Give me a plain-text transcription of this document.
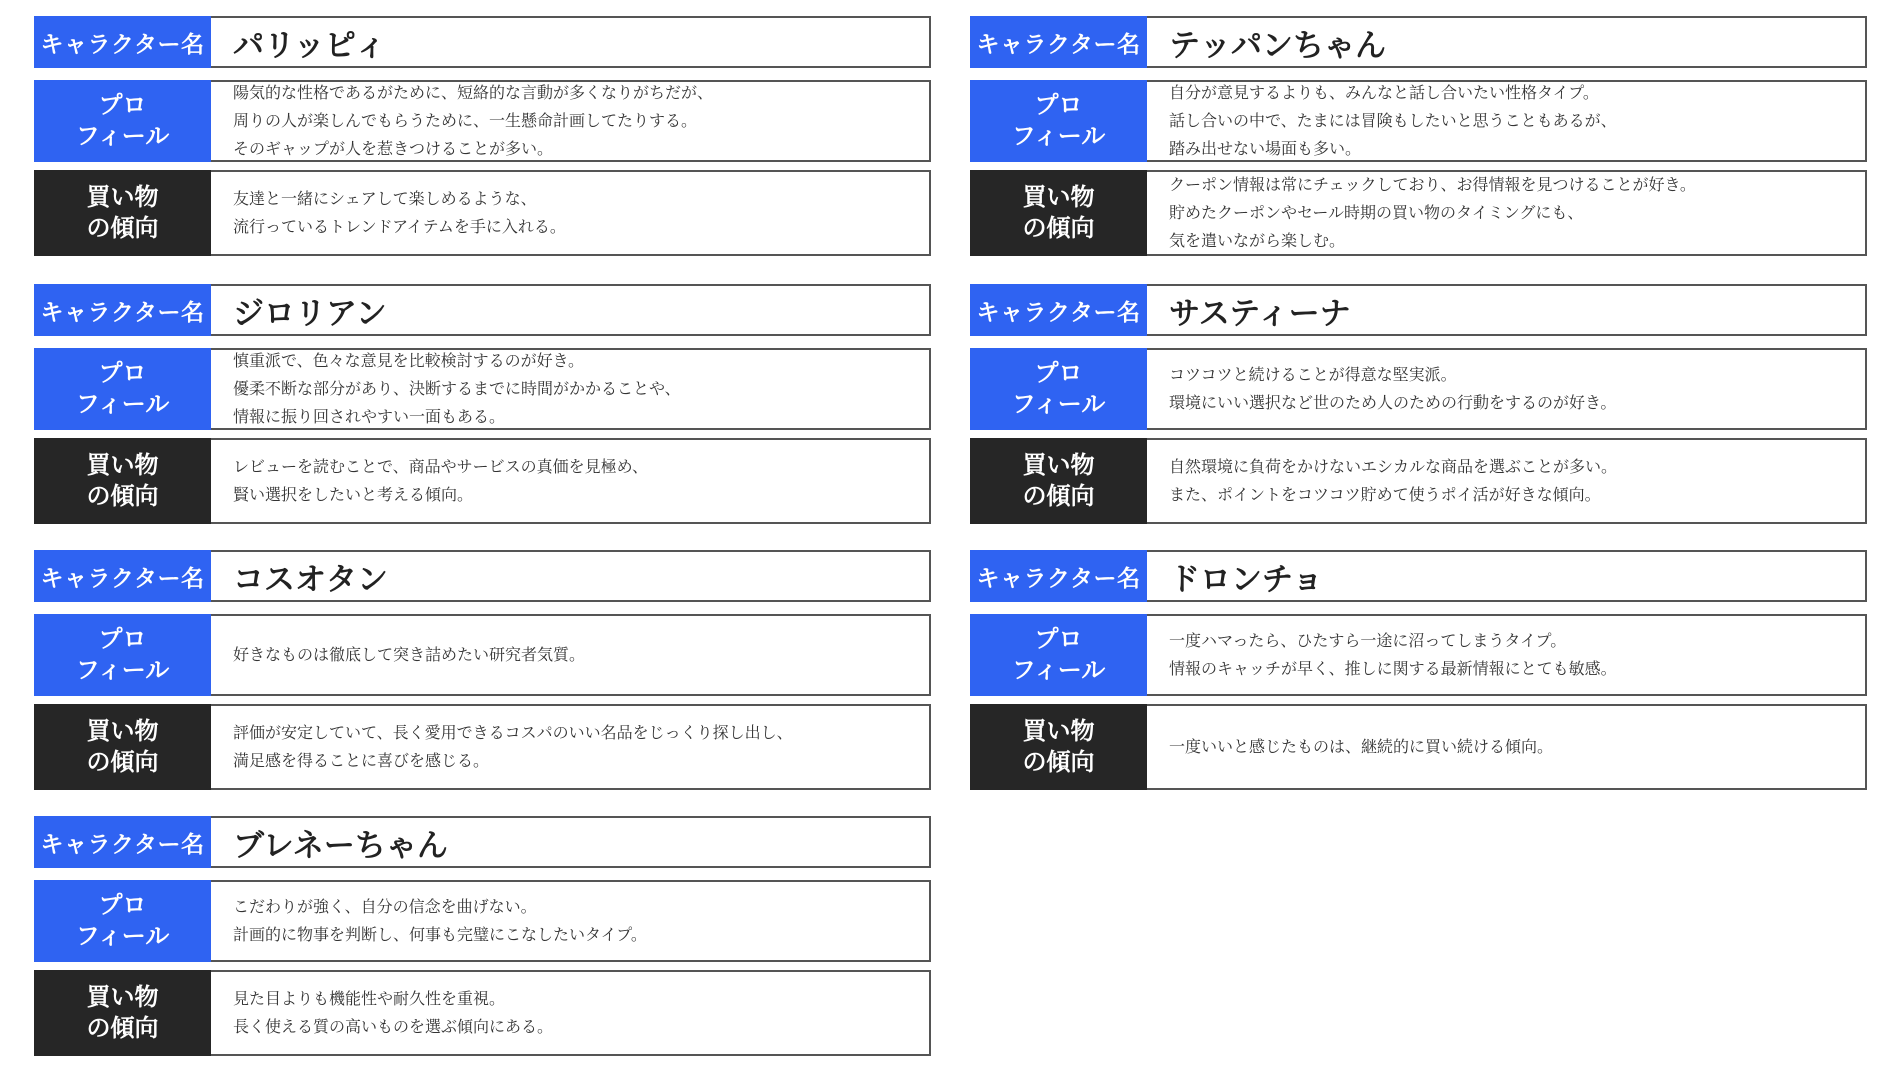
キャラクター名 パリッピィ
プロ
フィール
陽気的な性格であるがために、短絡的な言動が多くなりがちだが、
周りの人が楽しんでもらうために、一生懸命計画してたりする。
そのギャップが人を惹きつけることが多い。
買い物
の傾向
友達と一緒にシェアして楽しめるような、
流行っているトレンドアイテムを手に入れる。
キャラクター名 ジロリアン
プロ
フィール
慎重派で、色々な意見を比較検討するのが好き。
優柔不断な部分があり、決断するまでに時間がかかることや、
情報に振り回されやすい一面もある。
買い物
の傾向
レビューを読むことで、商品やサービスの真価を見極め、
賢い選択をしたいと考える傾向。
キャラクター名 コスオタン
プロ
フィール
好きなものは徹底して突き詰めたい研究者気質。
買い物
の傾向
評価が安定していて、長く愛用できるコスパのいい名品をじっくり探し出し、
満足感を得ることに喜びを感じる。
キャラクター名 ブレネーちゃん
プロ
フィール
こだわりが強く、自分の信念を曲げない。
計画的に物事を判断し、何事も完璧にこなしたいタイプ。
買い物
の傾向
見た目よりも機能性や耐久性を重視。
長く使える質の高いものを選ぶ傾向にある。
キャラクター名 テッパンちゃん
プロ
フィール
自分が意見するよりも、みんなと話し合いたい性格タイプ。
話し合いの中で、たまには冒険もしたいと思うこともあるが、
踏み出せない場面も多い。
買い物
の傾向
クーポン情報は常にチェックしており、お得情報を見つけることが好き。
貯めたクーポンやセール時期の買い物のタイミングにも、
気を遣いながら楽しむ。
キャラクター名 サスティーナ
プロ
フィール
コツコツと続けることが得意な堅実派。
環境にいい選択など世のため人のための行動をするのが好き。
買い物
の傾向
自然環境に負荷をかけないエシカルな商品を選ぶことが多い。
また、ポイントをコツコツ貯めて使うポイ活が好きな傾向。
キャラクター名 ドロンチョ
プロ
フィール
一度ハマったら、ひたすら一途に沼ってしまうタイプ。
情報のキャッチが早く、推しに関する最新情報にとても敏感。
買い物
の傾向
一度いいと感じたものは、継続的に買い続ける傾向。
